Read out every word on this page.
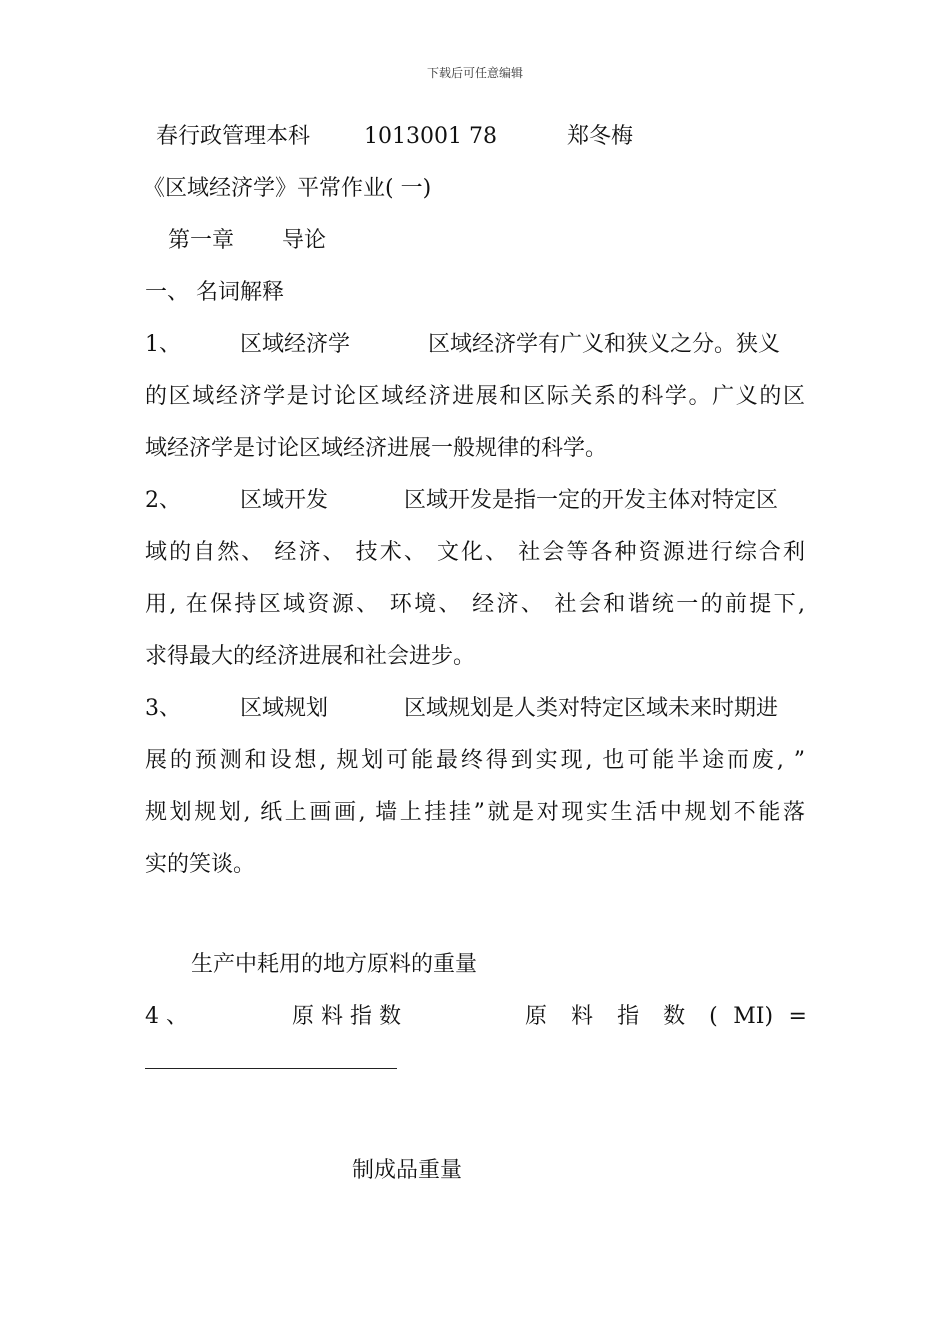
下载后可任意编辑
春行政管理本科 1013001 78	郑冬梅
《区域经济学》平常作业( 一)
第一章 导论
一、 名词解释
1、	区域经济学	区域经济学有广义和狭义之分。狭义
的区域经济学是讨论区域经济进展和区际关系的科学。广义的区
域经济学是讨论区域经济进展一般规律的科学。
2、	区域开发	区域开发是指一定的开发主体对特定区
域的自然、 经济、 技术、 文化、 社会等各种资源进行综合利
用, 在保持区域资源、 环境、 经济、 社会和谐统一的前提下,
求得最大的经济进展和社会进步。
3、	区域规划	区域规划是人类对特定区域未来时期进
展的预测和设想, 规划可能最终得到实现, 也可能半途而废, ”
规划规划, 纸上画画, 墙上挂挂”就是对现实生活中规划不能落
实的笑谈。
生产中耗用的地方原料的重量
4 、	原 料 指 数	原 料 指 数 ( MI) =
制成品重量
